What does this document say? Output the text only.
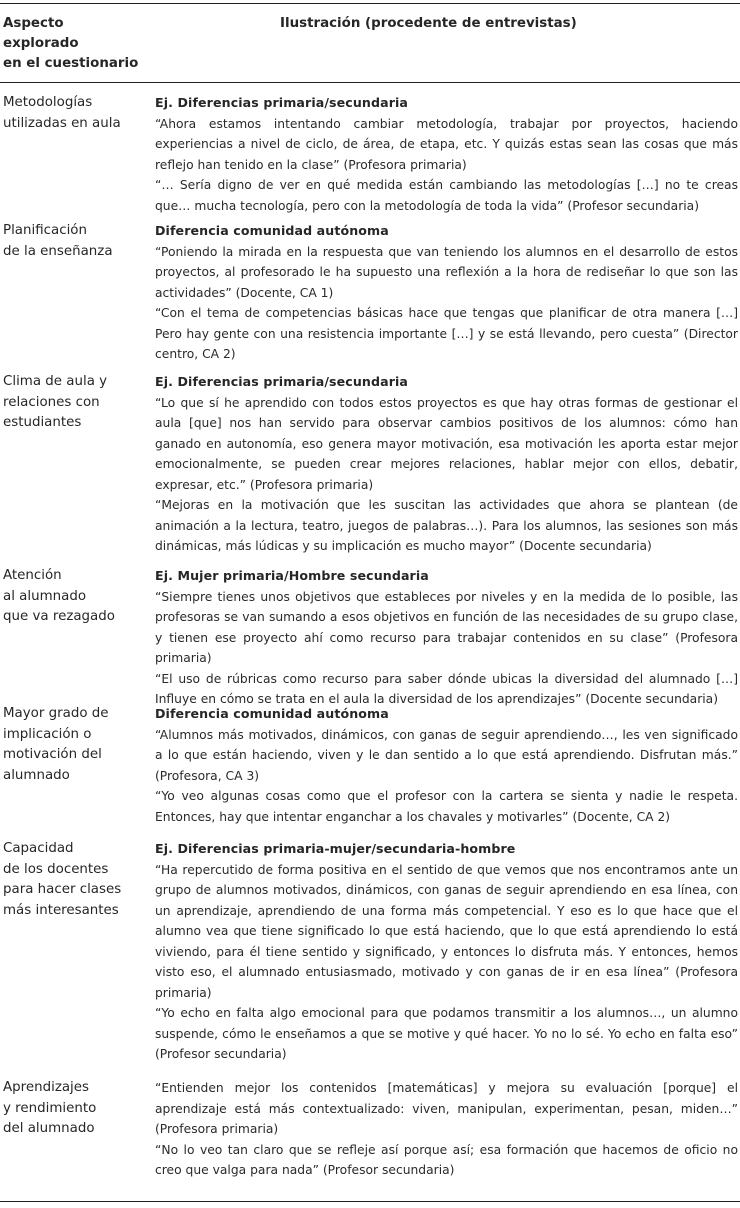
Aspecto
explorado
en el cuestionario
Ilustración (procedente de entrevistas)
Metodologías
utilizadas en aula
Ej. Diferencias primaria/secundaria
“Ahora estamos intentando cambiar metodología, trabajar por proyectos, haciendo experiencias a nivel de ciclo, de área, de etapa, etc. Y quizás estas sean las cosas que más reflejo han tenido en la clase” (Profesora primaria)
“… Sería digno de ver en qué medida están cambiando las metodologías […] no te creas que… mucha tecnología, pero con la metodología de toda la vida” (Profesor secundaria)
Planificación
de la enseñanza
Diferencia comunidad autónoma
“Poniendo la mirada en la respuesta que van teniendo los alumnos en el desarrollo de estos proyectos, al profesorado le ha supuesto una reflexión a la hora de rediseñar lo que son las actividades” (Docente, CA 1)
“Con el tema de competencias básicas hace que tengas que planificar de otra manera […] Pero hay gente con una resistencia importante […] y se está llevando, pero cuesta” (Director centro, CA 2)
Clima de aula y
relaciones con
estudiantes
Ej. Diferencias primaria/secundaria
“Lo que sí he aprendido con todos estos proyectos es que hay otras formas de gestionar el aula [que] nos han servido para observar cambios positivos de los alumnos: cómo han ganado en autonomía, eso genera mayor motivación, esa motivación les aporta estar mejor emocionalmente, se pueden crear mejores relaciones, hablar mejor con ellos, debatir, expresar, etc.” (Profesora primaria)
“Mejoras en la motivación que les suscitan las actividades que ahora se plantean (de animación a la lectura, teatro, juegos de palabras…). Para los alumnos, las sesiones son más dinámicas, más lúdicas y su implicación es mucho mayor” (Docente secundaria)
Atención
al alumnado
que va rezagado
Ej. Mujer primaria/Hombre secundaria
“Siempre tienes unos objetivos que estableces por niveles y en la medida de lo posible, las profesoras se van sumando a esos objetivos en función de las necesidades de su grupo clase, y tienen ese proyecto ahí como recurso para trabajar contenidos en su clase” (Profesora primaria)
“El uso de rúbricas como recurso para saber dónde ubicas la diversidad del alumnado […] Influye en cómo se trata en el aula la diversidad de los aprendizajes” (Docente secundaria)
Mayor grado de
implicación o
motivación del
alumnado
Diferencia comunidad autónoma
“Alumnos más motivados, dinámicos, con ganas de seguir aprendiendo…, les ven significado a lo que están haciendo, viven y le dan sentido a lo que está aprendiendo. Disfrutan más.” (Profesora, CA 3)
“Yo veo algunas cosas como que el profesor con la cartera se sienta y nadie le respeta. Entonces, hay que intentar enganchar a los chavales y motivarles” (Docente, CA 2)
Capacidad
de los docentes
para hacer clases
más interesantes
Ej. Diferencias primaria-mujer/secundaria-hombre
“Ha repercutido de forma positiva en el sentido de que vemos que nos encontramos ante un grupo de alumnos motivados, dinámicos, con ganas de seguir aprendiendo en esa línea, con un aprendizaje, aprendiendo de una forma más competencial. Y eso es lo que hace que el alumno vea que tiene significado lo que está haciendo, que lo que está aprendiendo lo está viviendo, para él tiene sentido y significado, y entonces lo disfruta más. Y entonces, hemos visto eso, el alumnado entusiasmado, motivado y con ganas de ir en esa línea” (Profesora primaria)
“Yo echo en falta algo emocional para que podamos transmitir a los alumnos…, un alumno suspende, cómo le enseñamos a que se motive y qué hacer. Yo no lo sé. Yo echo en falta eso” (Profesor secundaria)
Aprendizajes
y rendimiento
del alumnado
“Entienden mejor los contenidos [matemáticas] y mejora su evaluación [porque] el aprendizaje está más contextualizado: viven, manipulan, experimentan, pesan, miden…” (Profesora primaria)
“No lo veo tan claro que se refleje así porque así; esa formación que hacemos de oficio no creo que valga para nada” (Profesor secundaria)
